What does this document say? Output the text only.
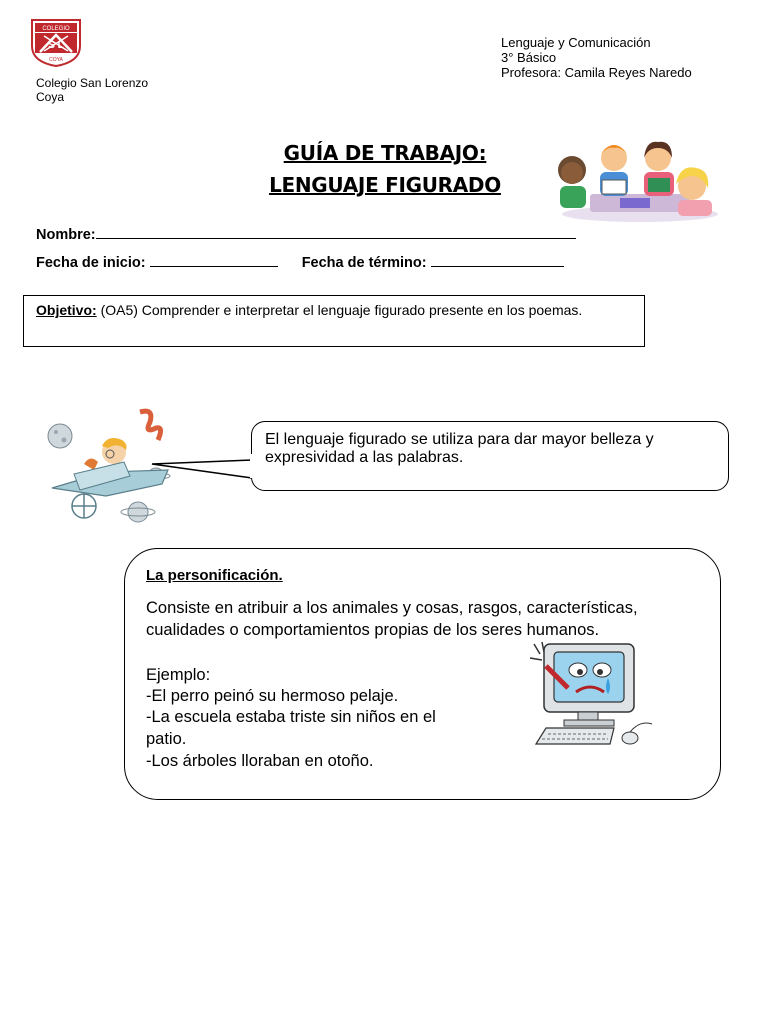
COLEGIO
S L
COYA
Colegio San Lorenzo
Coya
Lenguaje y Comunicación
3° Básico
Profesora: Camila Reyes Naredo
GUÍA DE TRABAJO:
LENGUAJE FIGURADO
Nombre:
Fecha de inicio:	Fecha de término:
Objetivo: (OA5) Comprender e interpretar el lenguaje figurado presente en los poemas.
El lenguaje figurado se utiliza para dar mayor belleza y expresividad a las palabras.
La personificación.
Consiste en atribuir a los animales y cosas, rasgos, características, cualidades o comportamientos propias de los seres humanos.
Ejemplo:
-El perro peinó su hermoso pelaje.
-La escuela estaba triste sin niños en el patio.
-Los árboles lloraban en otoño.
